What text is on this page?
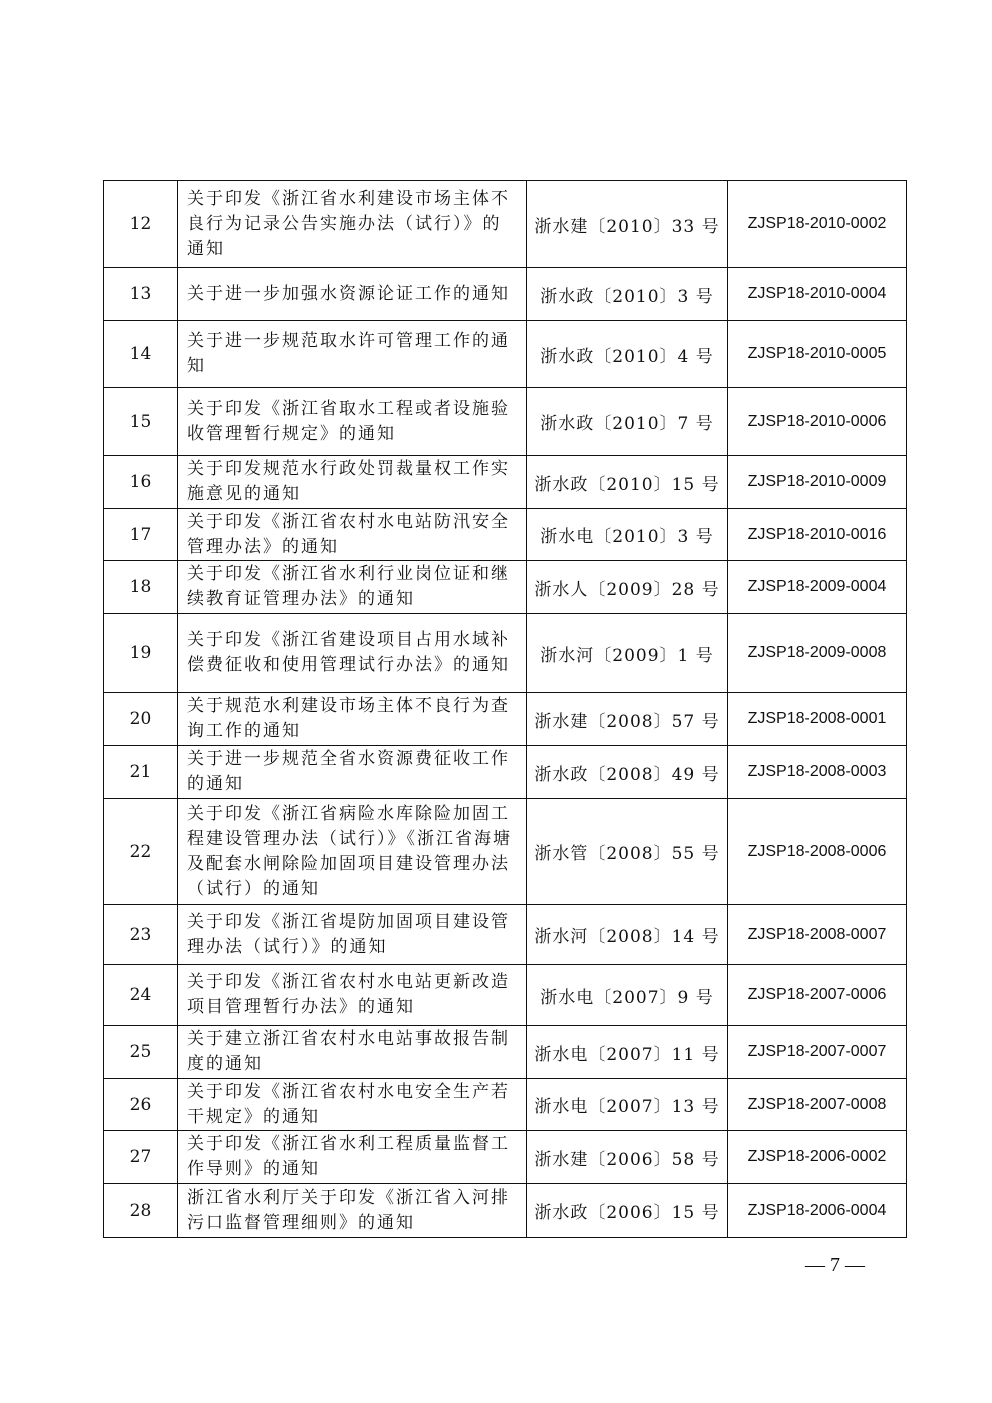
12	关于印发《浙江省水利建设市场主体不良行为记录公告实施办法（试行）》的通知	浙水建〔2010〕33 号	ZJSP18-2010-0002
13	关于进一步加强水资源论证工作的通知	浙水政〔2010〕3 号	ZJSP18-2010-0004
14	关于进一步规范取水许可管理工作的通知	浙水政〔2010〕4 号	ZJSP18-2010-0005
15	关于印发《浙江省取水工程或者设施验收管理暂行规定》的通知	浙水政〔2010〕7 号	ZJSP18-2010-0006
16	关于印发规范水行政处罚裁量权工作实施意见的通知	浙水政〔2010〕15 号	ZJSP18-2010-0009
17	关于印发《浙江省农村水电站防汛安全管理办法》的通知	浙水电〔2010〕3 号	ZJSP18-2010-0016
18	关于印发《浙江省水利行业岗位证和继续教育证管理办法》的通知	浙水人〔2009〕28 号	ZJSP18-2009-0004
19	关于印发《浙江省建设项目占用水域补偿费征收和使用管理试行办法》的通知	浙水河〔2009〕1 号	ZJSP18-2009-0008
20	关于规范水利建设市场主体不良行为查询工作的通知	浙水建〔2008〕57 号	ZJSP18-2008-0001
21	关于进一步规范全省水资源费征收工作的通知	浙水政〔2008〕49 号	ZJSP18-2008-0003
22	关于印发《浙江省病险水库除险加固工程建设管理办法（试行）》《浙江省海塘及配套水闸除险加固项目建设管理办法（试行）的通知	浙水管〔2008〕55 号	ZJSP18-2008-0006
23	关于印发《浙江省堤防加固项目建设管理办法（试行）》的通知	浙水河〔2008〕14 号	ZJSP18-2008-0007
24	关于印发《浙江省农村水电站更新改造项目管理暂行办法》的通知	浙水电〔2007〕9 号	ZJSP18-2007-0006
25	关于建立浙江省农村水电站事故报告制度的通知	浙水电〔2007〕11 号	ZJSP18-2007-0007
26	关于印发《浙江省农村水电安全生产若干规定》的通知	浙水电〔2007〕13 号	ZJSP18-2007-0008
27	关于印发《浙江省水利工程质量监督工作导则》的通知	浙水建〔2006〕58 号	ZJSP18-2006-0002
28	浙江省水利厅关于印发《浙江省入河排污口监督管理细则》的通知	浙水政〔2006〕15 号	ZJSP18-2006-0004
— 7 —
